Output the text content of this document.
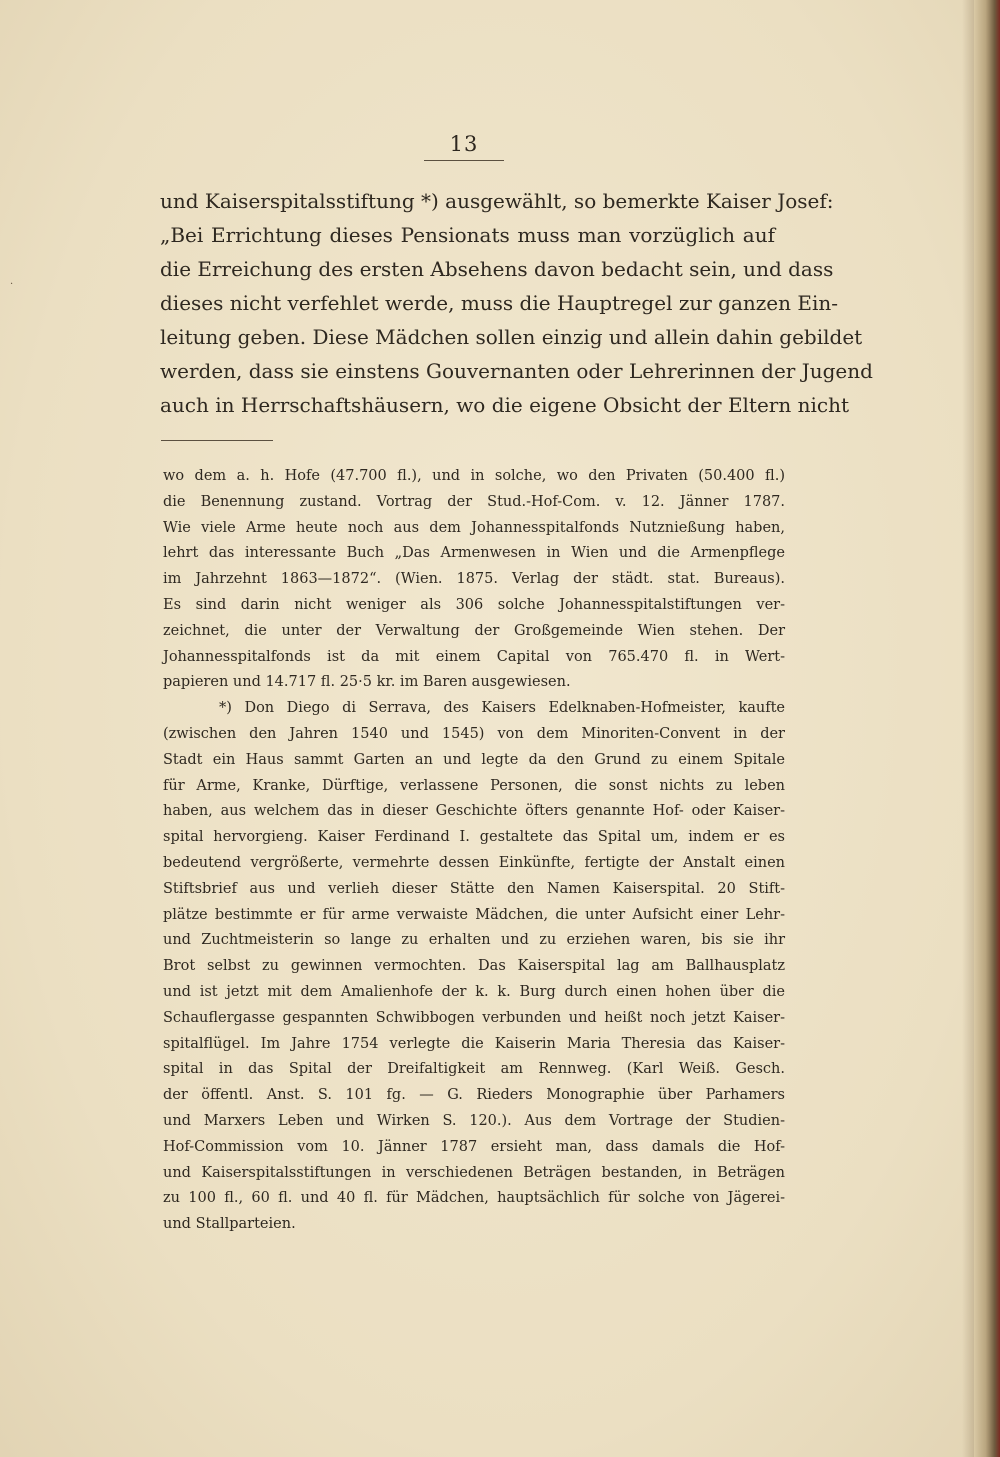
·
13
und Kaiserspitalsstiftung *) ausgewählt, so bemerkte Kaiser Josef:
„Bei Errichtung dieses Pensionats muss man vorzüglich auf
die Erreichung des ersten Absehens davon bedacht sein, und dass
dieses nicht verfehlet werde, muss die Hauptregel zur ganzen Ein-
leitung geben. Diese Mädchen sollen einzig und allein dahin gebildet
werden, dass sie einstens Gouvernanten oder Lehrerinnen der Jugend
auch in Herrschaftshäusern, wo die eigene Obsicht der Eltern nicht
wo dem a. h. Hofe (47.700 fl.), und in solche, wo den Privaten (50.400 fl.)
die Benennung zustand. Vortrag der Stud.-Hof-Com. v. 12. Jänner 1787.
Wie viele Arme heute noch aus dem Johannesspitalfonds Nutznießung haben,
lehrt das interessante Buch „Das Armenwesen in Wien und die Armenpflege
im Jahrzehnt 1863—1872“. (Wien. 1875. Verlag der städt. stat. Bureaus).
Es sind darin nicht weniger als 306 solche Johannesspitalstiftungen ver-
zeichnet, die unter der Verwaltung der Großgemeinde Wien stehen. Der
Johannesspitalfonds ist da mit einem Capital von 765.470 fl. in Wert-
papieren und 14.717 fl. 25·5 kr. im Baren ausgewiesen.
*) Don Diego di Serrava, des Kaisers Edelknaben-Hofmeister, kaufte
(zwischen den Jahren 1540 und 1545) von dem Minoriten-Convent in der
Stadt ein Haus sammt Garten an und legte da den Grund zu einem Spitale
für Arme, Kranke, Dürftige, verlassene Personen, die sonst nichts zu leben
haben, aus welchem das in dieser Geschichte öfters genannte Hof- oder Kaiser-
spital hervorgieng. Kaiser Ferdinand I. gestaltete das Spital um, indem er es
bedeutend vergrößerte, vermehrte dessen Einkünfte, fertigte der Anstalt einen
Stiftsbrief aus und verlieh dieser Stätte den Namen Kaiserspital. 20 Stift-
plätze bestimmte er für arme verwaiste Mädchen, die unter Aufsicht einer Lehr-
und Zuchtmeisterin so lange zu erhalten und zu erziehen waren, bis sie ihr
Brot selbst zu gewinnen vermochten. Das Kaiserspital lag am Ballhausplatz
und ist jetzt mit dem Amalienhofe der k. k. Burg durch einen hohen über die
Schauflergasse gespannten Schwibbogen verbunden und heißt noch jetzt Kaiser-
spitalflügel. Im Jahre 1754 verlegte die Kaiserin Maria Theresia das Kaiser-
spital in das Spital der Dreifaltigkeit am Rennweg. (Karl Weiß. Gesch.
der öffentl. Anst. S. 101 fg. — G. Rieders Monographie über Parhamers
und Marxers Leben und Wirken S. 120.). Aus dem Vortrage der Studien-
Hof-Commission vom 10. Jänner 1787 ersieht man, dass damals die Hof-
und Kaiserspitalsstiftungen in verschiedenen Beträgen bestanden, in Beträgen
zu 100 fl., 60 fl. und 40 fl. für Mädchen, hauptsächlich für solche von Jägerei-
und Stallparteien.
